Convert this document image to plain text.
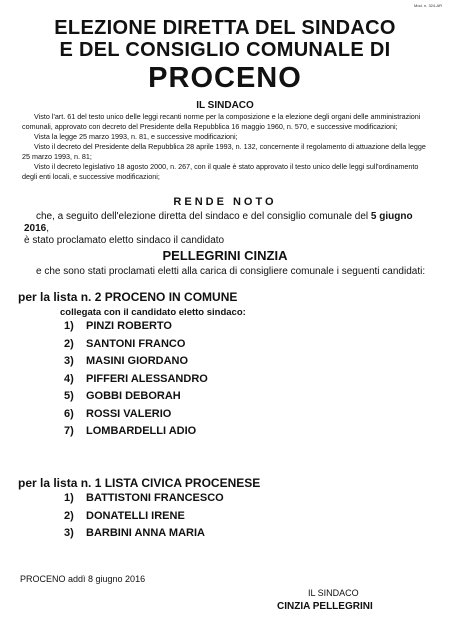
Mod. n. 324-AR
ELEZIONE DIRETTA DEL SINDACO
E DEL CONSIGLIO COMUNALE DI
PROCENO
IL SINDACO

Visto l'art. 61 del testo unico delle leggi recanti norme per la composizione e la elezione degli organi delle amministrazioni comunali, approvato con decreto del Presidente della Repubblica 16 maggio 1960, n. 570, e successive modificazioni;

Vista la legge 25 marzo 1993, n. 81, e successive modificazioni;

Visto il decreto del Presidente della Repubblica 28 aprile 1993, n. 132, concernente il regolamento di attuazione della legge 25 marzo 1993, n. 81;

Visto il decreto legislativo 18 agosto 2000, n. 267, con il quale è stato approvato il testo unico delle leggi sull'ordinamento degli enti locali, e successive modificazioni;

RENDE NOTO

che, a seguito dell'elezione diretta del sindaco e del consiglio comunale del 5 giugno 2016,

è stato proclamato eletto sindaco il candidato

PELLEGRINI CINZIA

e che sono stati proclamati eletti alla carica di consigliere comunale i seguenti candidati:

per la lista n. 2 PROCENO IN COMUNE
collegata con il candidato eletto sindaco:
1) PINZI ROBERTO
2) SANTONI FRANCO
3) MASINI GIORDANO
4) PIFFERI ALESSANDRO
5) GOBBI DEBORAH
6) ROSSI VALERIO
7) LOMBARDELLI ADIO
per la lista n. 1 LISTA CIVICA PROCENESE
1) BATTISTONI FRANCESCO
2) DONATELLI IRENE
3) BARBINI ANNA MARIA
PROCENO addì 8 giugno 2016
IL SINDACO
CINZIA PELLEGRINI
